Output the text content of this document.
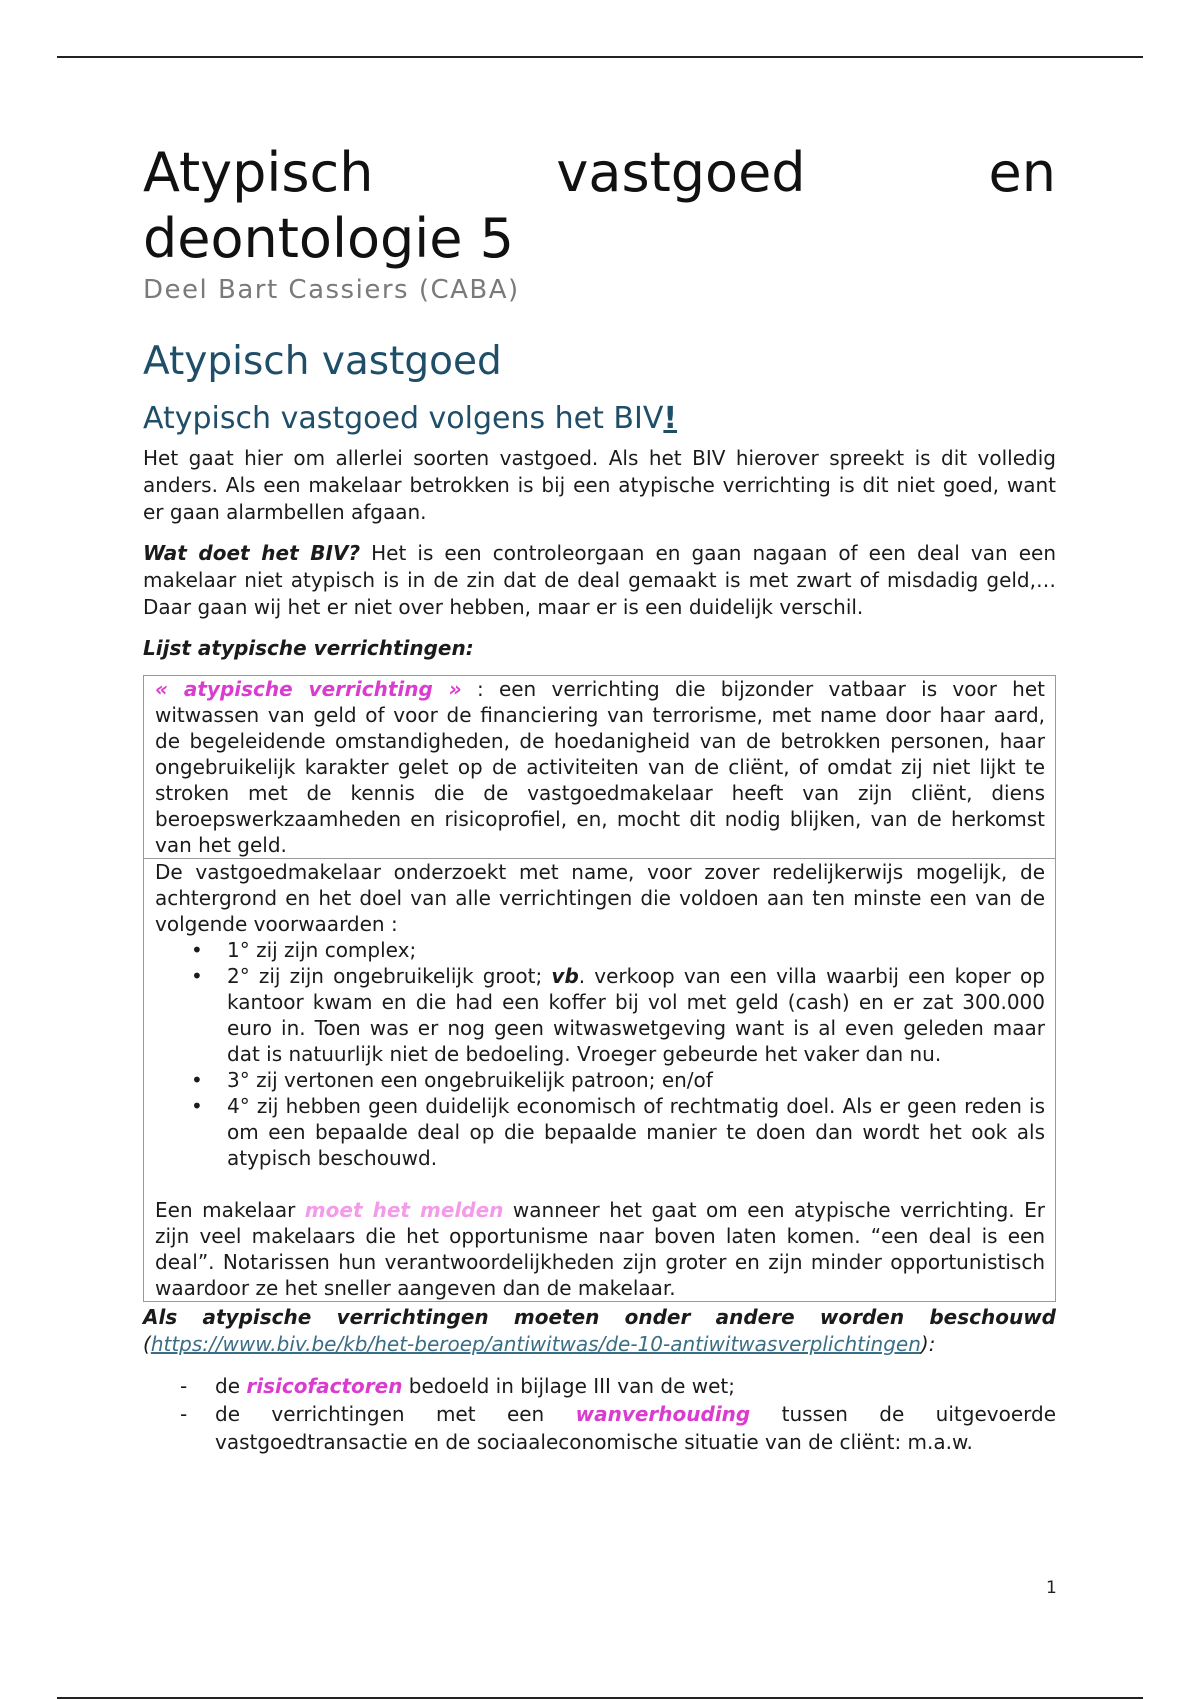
Atypisch vastgoed en deontologie 5
Deel Bart Cassiers (CABA)
Atypisch vastgoed
Atypisch vastgoed volgens het BIV!

Het gaat hier om allerlei soorten vastgoed. Als het BIV hierover spreekt is dit volledig anders. Als een makelaar betrokken is bij een atypische verrichting is dit niet goed, want er gaan alarmbellen afgaan.

Wat doet het BIV? Het is een controleorgaan en gaan nagaan of een deal van een makelaar niet atypisch is in de zin dat de deal gemaakt is met zwart of misdadig geld,… Daar gaan wij het er niet over hebben, maar er is een duidelijk verschil.

Lijst atypische verrichtingen:

« atypische verrichting » : een verrichting die bijzonder vatbaar is voor het witwassen van geld of voor de financiering van terrorisme, met name door haar aard, de begeleidende omstandigheden, de hoedanigheid van de betrokken personen, haar ongebruikelijk karakter gelet op de activiteiten van de cliënt, of omdat zij niet lijkt te stroken met de kennis die de vastgoedmakelaar heeft van zijn cliënt, diens beroepswerkzaamheden en risicoprofiel, en, mocht dit nodig blijken, van de herkomst van het geld.
De vastgoedmakelaar onderzoekt met name, voor zover redelijkerwijs mogelijk, de achtergrond en het doel van alle verrichtingen die voldoen aan ten minste een van de volgende voorwaarden :
• 1° zij zijn complex;
• 2° zij zijn ongebruikelijk groot; vb. verkoop van een villa waarbij een koper op kantoor kwam en die had een koffer bij vol met geld (cash) en er zat 300.000 euro in. Toen was er nog geen witwaswetgeving want is al even geleden maar dat is natuurlijk niet de bedoeling. Vroeger gebeurde het vaker dan nu.
• 3° zij vertonen een ongebruikelijk patroon; en/of
• 4° zij hebben geen duidelijk economisch of rechtmatig doel. Als er geen reden is om een bepaalde deal op die bepaalde manier te doen dan wordt het ook als atypisch beschouwd.
Een makelaar moet het melden wanneer het gaat om een atypische verrichting. Er zijn veel makelaars die het opportunisme naar boven laten komen. “een deal is een deal”. Notarissen hun verantwoordelijkheden zijn groter en zijn minder opportunistisch waardoor ze het sneller aangeven dan de makelaar.
Als atypische verrichtingen moeten onder andere worden beschouwd
(https://www.biv.be/kb/het-beroep/antiwitwas/de-10-antiwitwasverplichtingen):
- de risicofactoren bedoeld in bijlage III van de wet;
- de verrichtingen met een wanverhouding tussen de uitgevoerde vastgoedtransactie en de sociaaleconomische situatie van de cliënt: m.a.w.
1
